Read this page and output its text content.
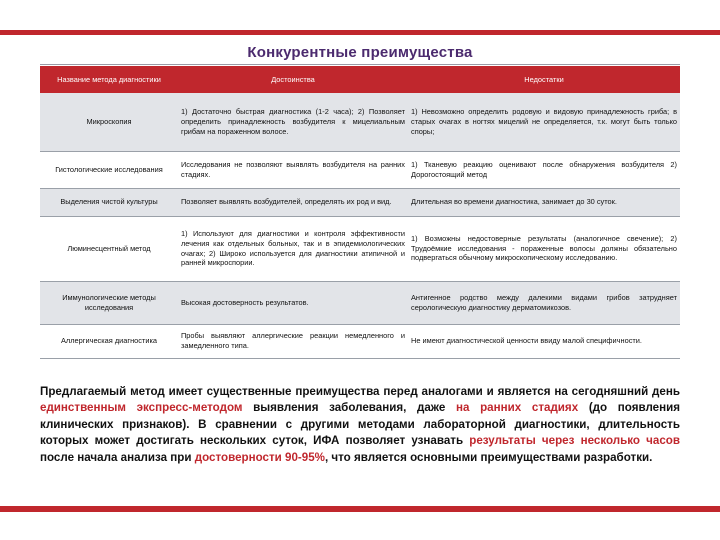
Конкурентные преимущества
Название метода диагностики	Достоинства	Недостатки
Микроскопия	1) Достаточно быстрая диагностика (1-2 часа); 2) Позволяет определить принадлежность возбудителя к мицелиальным грибам на пораженном волосе.	1) Невозможно определить родовую и видовую принадлежность гриба; в старых очагах в ногтях мицелий не определяется, т.к. могут быть только споры;
Гистологические исследования	Исследования не позволяют выявлять возбудителя на ранних стадиях.	1) Тканевую реакцию оценивают после обнаружения возбудителя 2) Дорогостоящий метод
Выделения чистой культуры	Позволяет выявлять возбудителей, определять их род и вид.	Длительная во времени диагностика, занимает до 30 суток.
Люминесцентный метод	1) Используют для диагностики и контроля эффективности лечения как отдельных больных, так и в эпидемиологических очагах; 2) Широко используется для диагностики атипичной и ранней микроспории.	1) Возможны недостоверные результаты (аналогичное свечение); 2) Трудоёмкие исследования - пораженные волосы должны обязательно подвергаться обычному микроскопическому исследованию.
Иммунологические методы исследования	Высокая достоверность результатов.	Антигенное родство между далекими видами грибов затрудняет серологическую диагностику дерматомикозов.
Аллергическая диагностика	Пробы выявляют аллергические реакции немедленного и замедленного типа.	Не имеют диагностической ценности ввиду малой специфичности.
Предлагаемый метод имеет существенные преимущества перед аналогами и является на сегодняшний день единственным экспресс-методом выявления заболевания, даже на ранних стадиях (до появления клинических признаков). В сравнении с другими методами лабораторной диагностики, длительность которых может достигать нескольких суток, ИФА позволяет узнавать результаты через несколько часов после начала анализа при достоверности 90-95%, что является основными преимуществами разработки.
